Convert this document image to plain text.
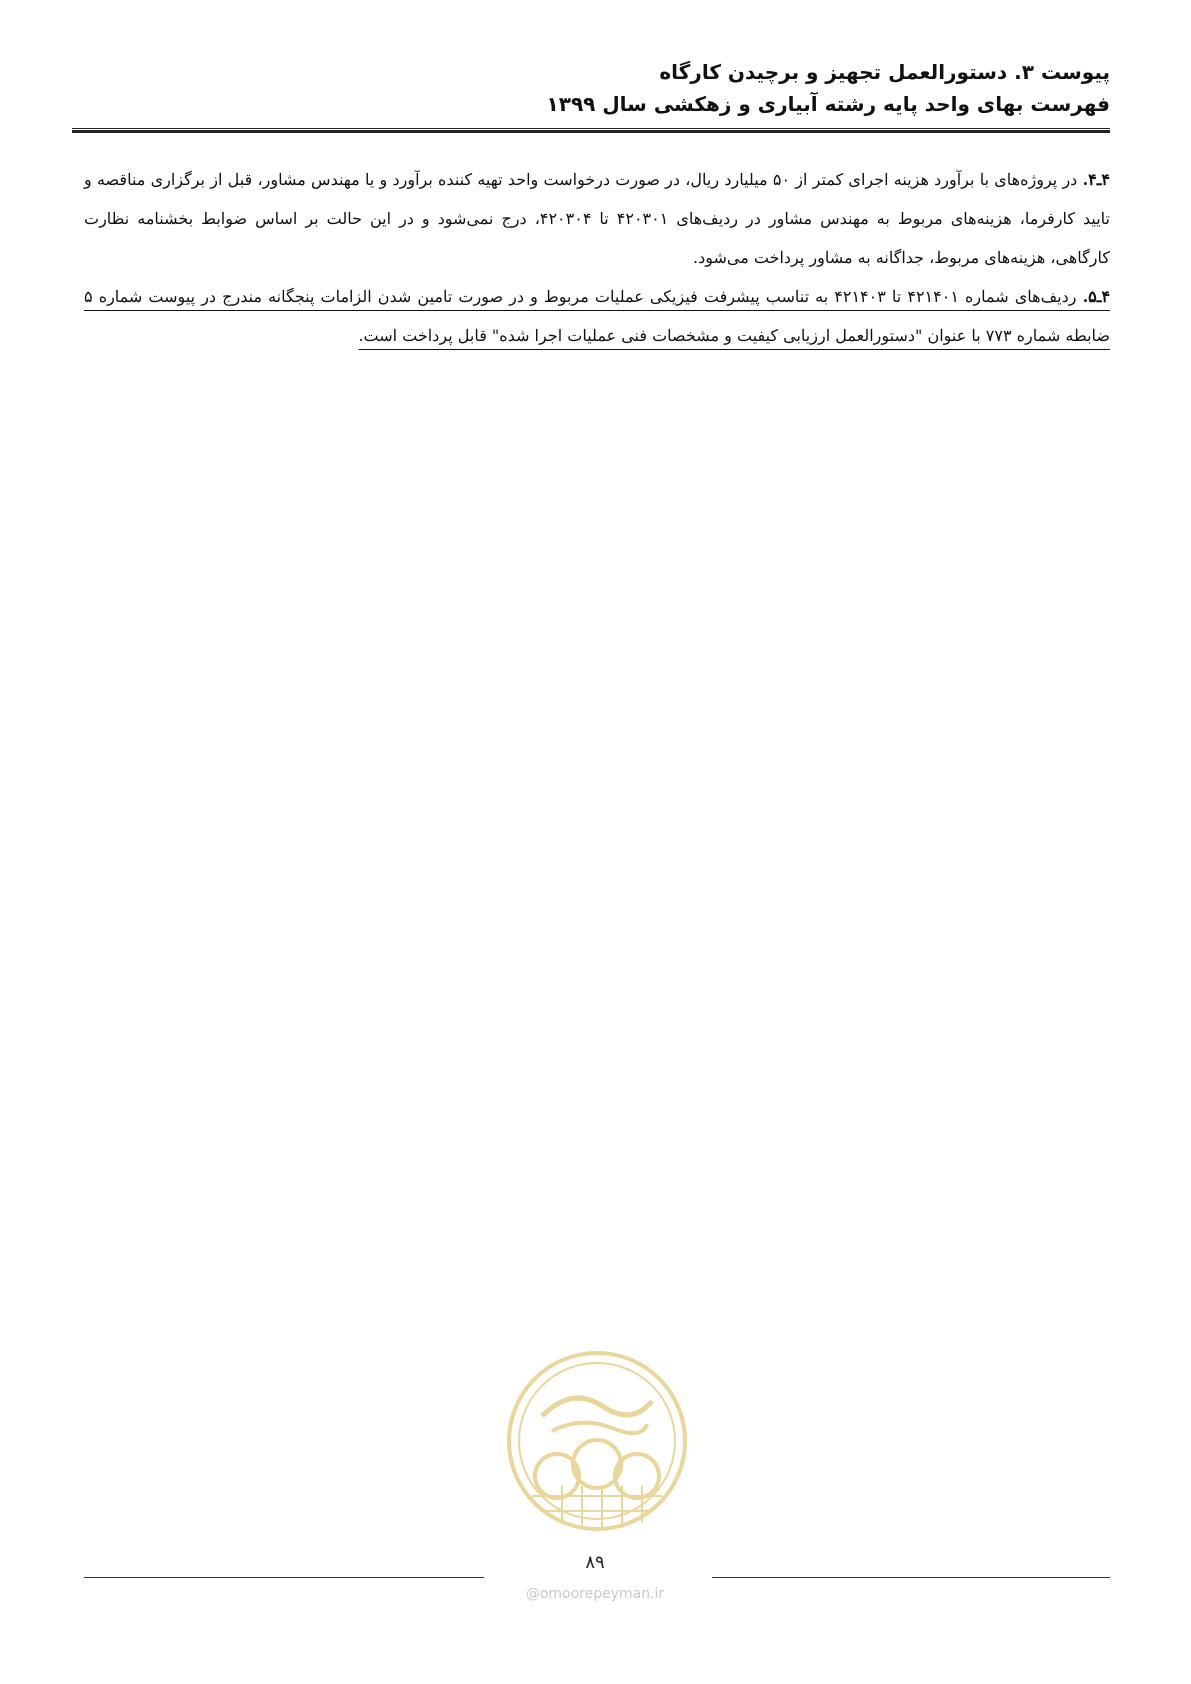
پیوست ۳. دستورالعمل تجهیز و برچیدن کارگاه
فهرست بهای واحد پایه رشته آبیاری و زهکشی سال ۱۳۹۹

۴ـ۴. در پروژه‌های با برآورد هزینه اجرای کمتر از ۵۰ میلیارد ریال، در صورت درخواست واحد تهیه کننده برآورد و یا مهندس مشاور، قبل از برگزاری مناقصه و تایید کارفرما، هزینه‌های مربوط به مهندس مشاور در ردیف‌های ۴۲۰۳۰۱ تا ۴۲۰۳۰۴، درج نمی‌شود و در این حالت بر اساس ضوابط بخشنامه نظارت کارگاهی، هزینه‌های مربوط، جداگانه به مشاور پرداخت می‌شود.

۴ـ۵. ردیف‌های شماره ۴۲۱۴۰۱ تا ۴۲۱۴۰۳ به تناسب پیشرفت فیزیکی عملیات مربوط و در صورت تامین شدن الزامات پنجگانه مندرج در پیوست شماره ۵ ضابطه شماره ۷۷۳ با عنوان "دستورالعمل ارزیابی کیفیت و مشخصات فنی عملیات اجرا شده" قابل پرداخت است.

۸۹
@omoorepeyman.ir
